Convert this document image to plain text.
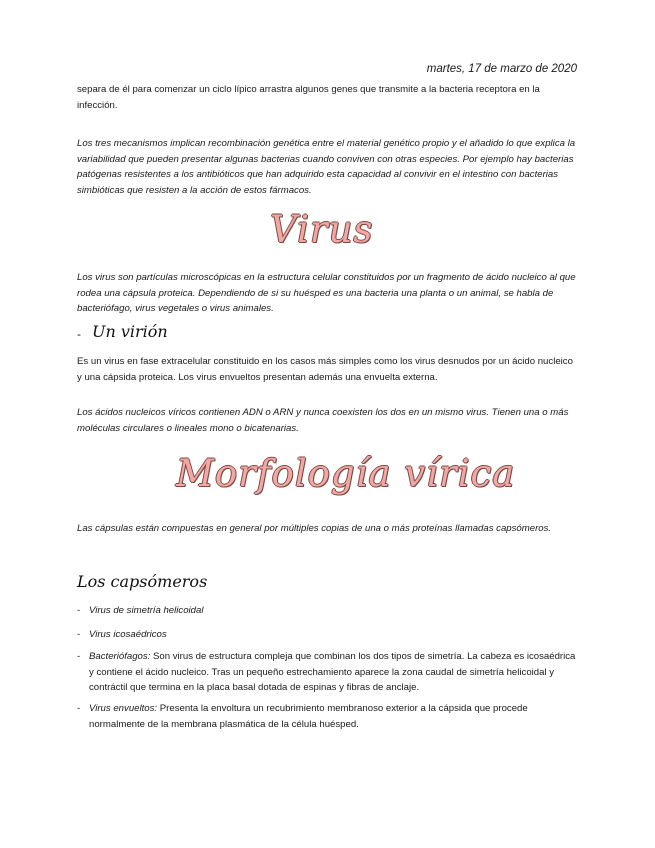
martes, 17 de marzo de 2020

separa de él para comenzar un ciclo lípico arrastra algunos genes que transmite a la bacteria receptora en la infección.

Los tres mecanismos implican recombinación genética entre el material genético propio y el añadido lo que explica la variabilidad que pueden presentar algunas bacterias cuando conviven con otras especies. Por ejemplo hay bacterias patógenas resistentes a los antibióticos que han adquirido esta capacidad al convivir en el intestino con bacterias simbióticas que resisten a la acción de estos fármacos.

Virus

Los virus son partículas microscópicas en la estructura celular constituidos por un fragmento de ácido nucleico al que rodea una cápsula proteica. Dependiendo de si su huésped es una bacteria una planta o un animal, se habla de bacteriófago, virus vegetales o virus animales.

- Un virión

Es un virus en fase extracelular constituido en los casos más simples como los virus desnudos por un ácido nucleico y una cápsida proteica. Los virus envueltos presentan además una envuelta externa.

Los ácidos nucleicos víricos contienen ADN o ARN y nunca coexisten los dos en un mismo virus. Tienen una o más moléculas circulares o lineales mono o bicatenarias.

Morfología vírica

Las cápsulas están compuestas en general por múltiples copias de una o más proteínas llamadas capsómeros.

Los capsómeros
- Virus de simetría helicoidal
- Virus icosaédricos
- Bacteriófagos: Son virus de estructura compleja que combinan los dos tipos de simetría. La cabeza es icosaédrica y contiene el ácido nucleico. Tras un pequeño estrechamiento aparece la zona caudal de simetría helicoidal y contráctil que termina en la placa basal dotada de espinas y fibras de anclaje.
- Virus envueltos: Presenta la envoltura un recubrimiento membranoso exterior a la cápsida que procede normalmente de la membrana plasmática de la célula huésped.
